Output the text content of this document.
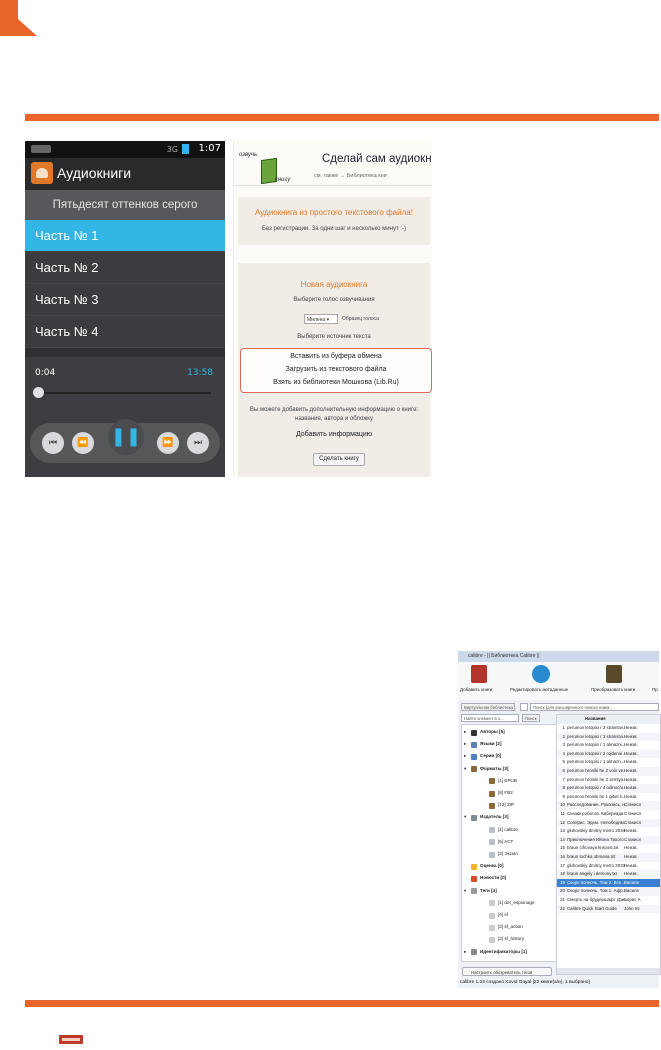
3G 1:07
Аудиокниги
Пятьдесят оттенков серого
Часть № 1
Часть № 2
Часть № 3
Часть № 4
0:04	13:58
⏮	⏪ ❚❚	⏩	⏭
озвучь
книгу
Сделай сам аудиокн
см. также → Библиотека кни
Аудиокнига из простого текстового файла!
Без регистрации. За одни шаг и несколько минут :-)
Новая аудиокнига
Выберите голос озвучивания
Милена ▾	Образец голоса
Выберите источник текста
Вставить из буфера обмена
Загрузить из текстового файла
Взять из библиотеки Мошкова (Lib.Ru)
Вы можете добавить дополнительную информацию о книге:
название, автора и обложку
Добавить информацию
Сделать книгу
calibre - || Библиотека Calibre ||
Добавить книги	Редактировать метаданные	Преобразовать книги	Пр
Виртуальная библиотека	Поиск (для расширенного поиска нажм...
Найти элемент в п...	Поиск
▸	Авторы [5]
▸	Языки [2]
▸	Серии [0]
▾	Форматы [3]
[1] EPUB
[8] FB2
[13] ZIP
▾	Издатель [3]
[1] calibre
[5] ACT
[2] Эксмо
Оценка [0]
Новости [0]
▾	Теги [4]
[1] det_espionage
[4] sf
[2] sf_action
[2] sf_history
▸	Идентификаторы [1]
Название
1 perumov letopisi r 2 stranstvi...
Неизв.
2 perumov letopisi r 3 stranstvi...
Неизв.
3 perumov letopisi r 1 almazni...
Неизв.
4 perumov letopisi r 2 rojdenie...
Неизв.
5 perumov letopisi r 1 almazn... Неизв.
6 perumov hroniki he 2 voin ve...
Неизв.
7 perumov hroniki he 3 zemlya...
Неизв.
8 perumov letopisi r 4 odinochi...
Неизв.
9 perumov hroniki he 1 gibel li...
Неизв.
10 Расследование. Рукопись, н...
Станисл
11 Сказки роботов. Кибериада Станисл
12 Солярис. Эдем. Непобедим...
Станисл
13 gluhovskiy dmitriy metro 2034
Неизв.
14 Приключения Ийона Тихого Станисл
15 braun cifrovaya krepost.txt	Неизв.
16 braun tochka obmana.txt	Неизв.
17 gluhovskiy dmitriy metro 2033
Неизв.
18 braun angely i demony.txt	Неизв.
19 Скоро полночь. Том 2. Все... Василе
20 Скоро полночь. Том 1. Афр...
Василе
21 Смерть на брудершафт (фи...
Борис А
22 Calibre Quick Start Guide	John Sc
Настроить обозреватель тегов
calibre 1.23 создано Kovid Goyal [22 книги(а/и), 1 выбрано]
